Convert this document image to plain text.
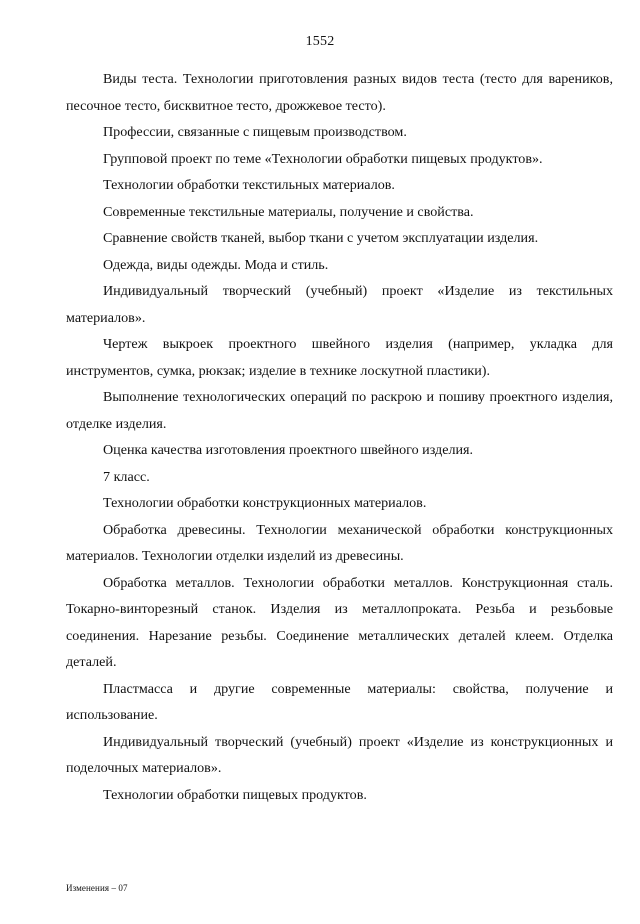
1552

Виды теста. Технологии приготовления разных видов теста (тесто для вареников, песочное тесто, бисквитное тесто, дрожжевое тесто).

Профессии, связанные с пищевым производством.

Групповой проект по теме «Технологии обработки пищевых продуктов».

Технологии обработки текстильных материалов.

Современные текстильные материалы, получение и свойства.

Сравнение свойств тканей, выбор ткани с учетом эксплуатации изделия.

Одежда, виды одежды. Мода и стиль.

Индивидуальный творческий (учебный) проект «Изделие из текстильных материалов».

Чертеж выкроек проектного швейного изделия (например, укладка для инструментов, сумка, рюкзак; изделие в технике лоскутной пластики).

Выполнение технологических операций по раскрою и пошиву проектного изделия, отделке изделия.

Оценка качества изготовления проектного швейного изделия.

7 класс.

Технологии обработки конструкционных материалов.

Обработка древесины. Технологии механической обработки конструкционных материалов. Технологии отделки изделий из древесины.

Обработка металлов. Технологии обработки металлов. Конструкционная сталь. Токарно-винторезный станок. Изделия из металлопроката. Резьба и резьбовые соединения. Нарезание резьбы. Соединение металлических деталей клеем. Отделка деталей.

Пластмасса и другие современные материалы: свойства, получение и использование.

Индивидуальный творческий (учебный) проект «Изделие из конструкционных и поделочных материалов».

Технологии обработки пищевых продуктов.

Изменения – 07
